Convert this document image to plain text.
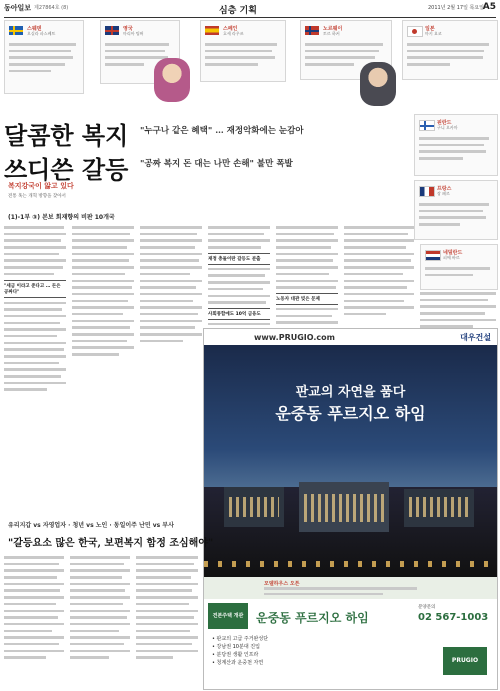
동아일보 제27864호 (8)	심층 기획	2011년 2월 17일 목요일
A5
스웨덴
오실라 파스베트
영국
마리아 팀버
스페인
호세 라우즈
노르웨이
토르 하커
일본
마키 요코
달콤한 복지
쓰디쓴 갈등
"누구나 같은 혜택" … 재정악화에는 눈감아
"공짜 복지 돈 대는 나만 손해" 불만 폭발
핀란드
구니 오카마
프랑스
장 페르
네덜란드
피에 바르
복지강국이 앓고 있다
전통 혹는 개혁 방향을 찾아서
(1)-1부 ③) 본보 회재향의 비판 10개국
"세금 이라고 준다고 … 돈은 공짜다"
재정 충돌이란 갈등도 분출
사회통합에도 10억 금융도
노동자 대관 빚은 문제
www.PRUGIO.com	대우건설
판교의 자연을 품다
운중동 푸르지오 하임
모델하우스 오픈
견본주택 개관	운중동 푸르지오 하임
분양문의
02 567-1003
• 판교의 고급 주거완성단
• 강남권 10분대 진입
• 분당권 생활 인프라
• 청계산과 운중천 자연	PRUGIO
유리지갑 vs 자영업자 · 청년 vs 노인 · 동일이주 난민 vs 부사
"갈등요소 많은 한국, 보편복지 함정 조심해야"
